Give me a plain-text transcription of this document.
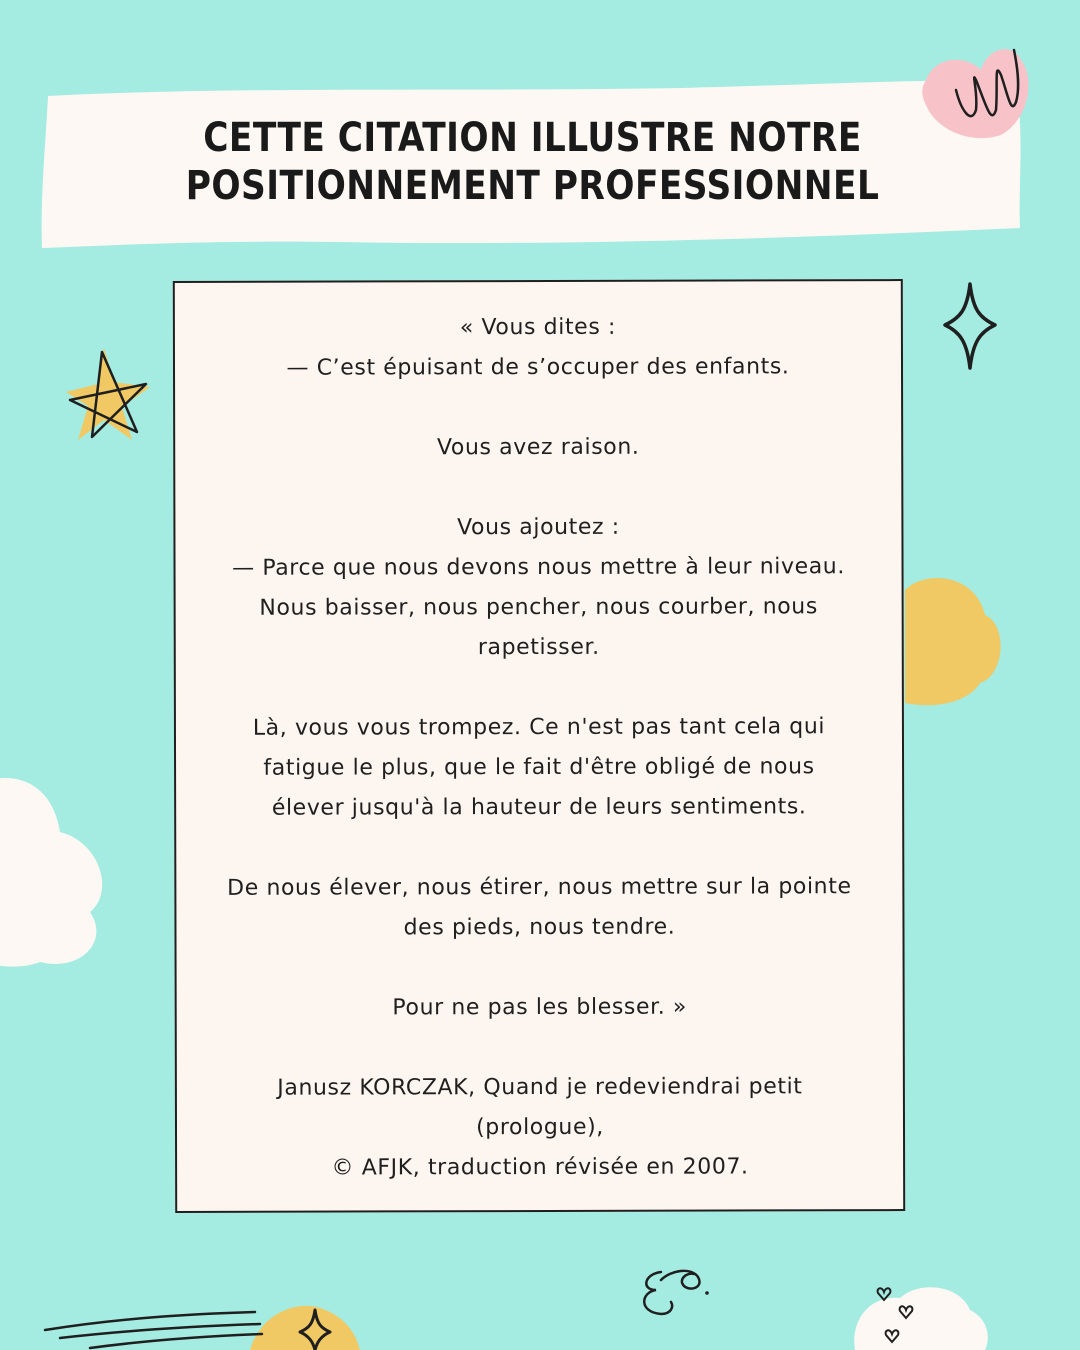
CETTE CITATION ILLUSTRE NOTRE POSITIONNEMENT PROFESSIONNEL

« Vous dites :
— C’est épuisant de s’occuper des enfants.

Vous avez raison.

Vous ajoutez :
— Parce que nous devons nous mettre à leur niveau.
Nous baisser, nous pencher, nous courber, nous
rapetisser.

Là, vous vous trompez. Ce n'est pas tant cela qui
fatigue le plus, que le fait d'être obligé de nous
élever jusqu'à la hauteur de leurs sentiments.

De nous élever, nous étirer, nous mettre sur la pointe
des pieds, nous tendre.

Pour ne pas les blesser. »

Janusz KORCZAK, Quand je redeviendrai petit
(prologue),
© AFJK, traduction révisée en 2007.
